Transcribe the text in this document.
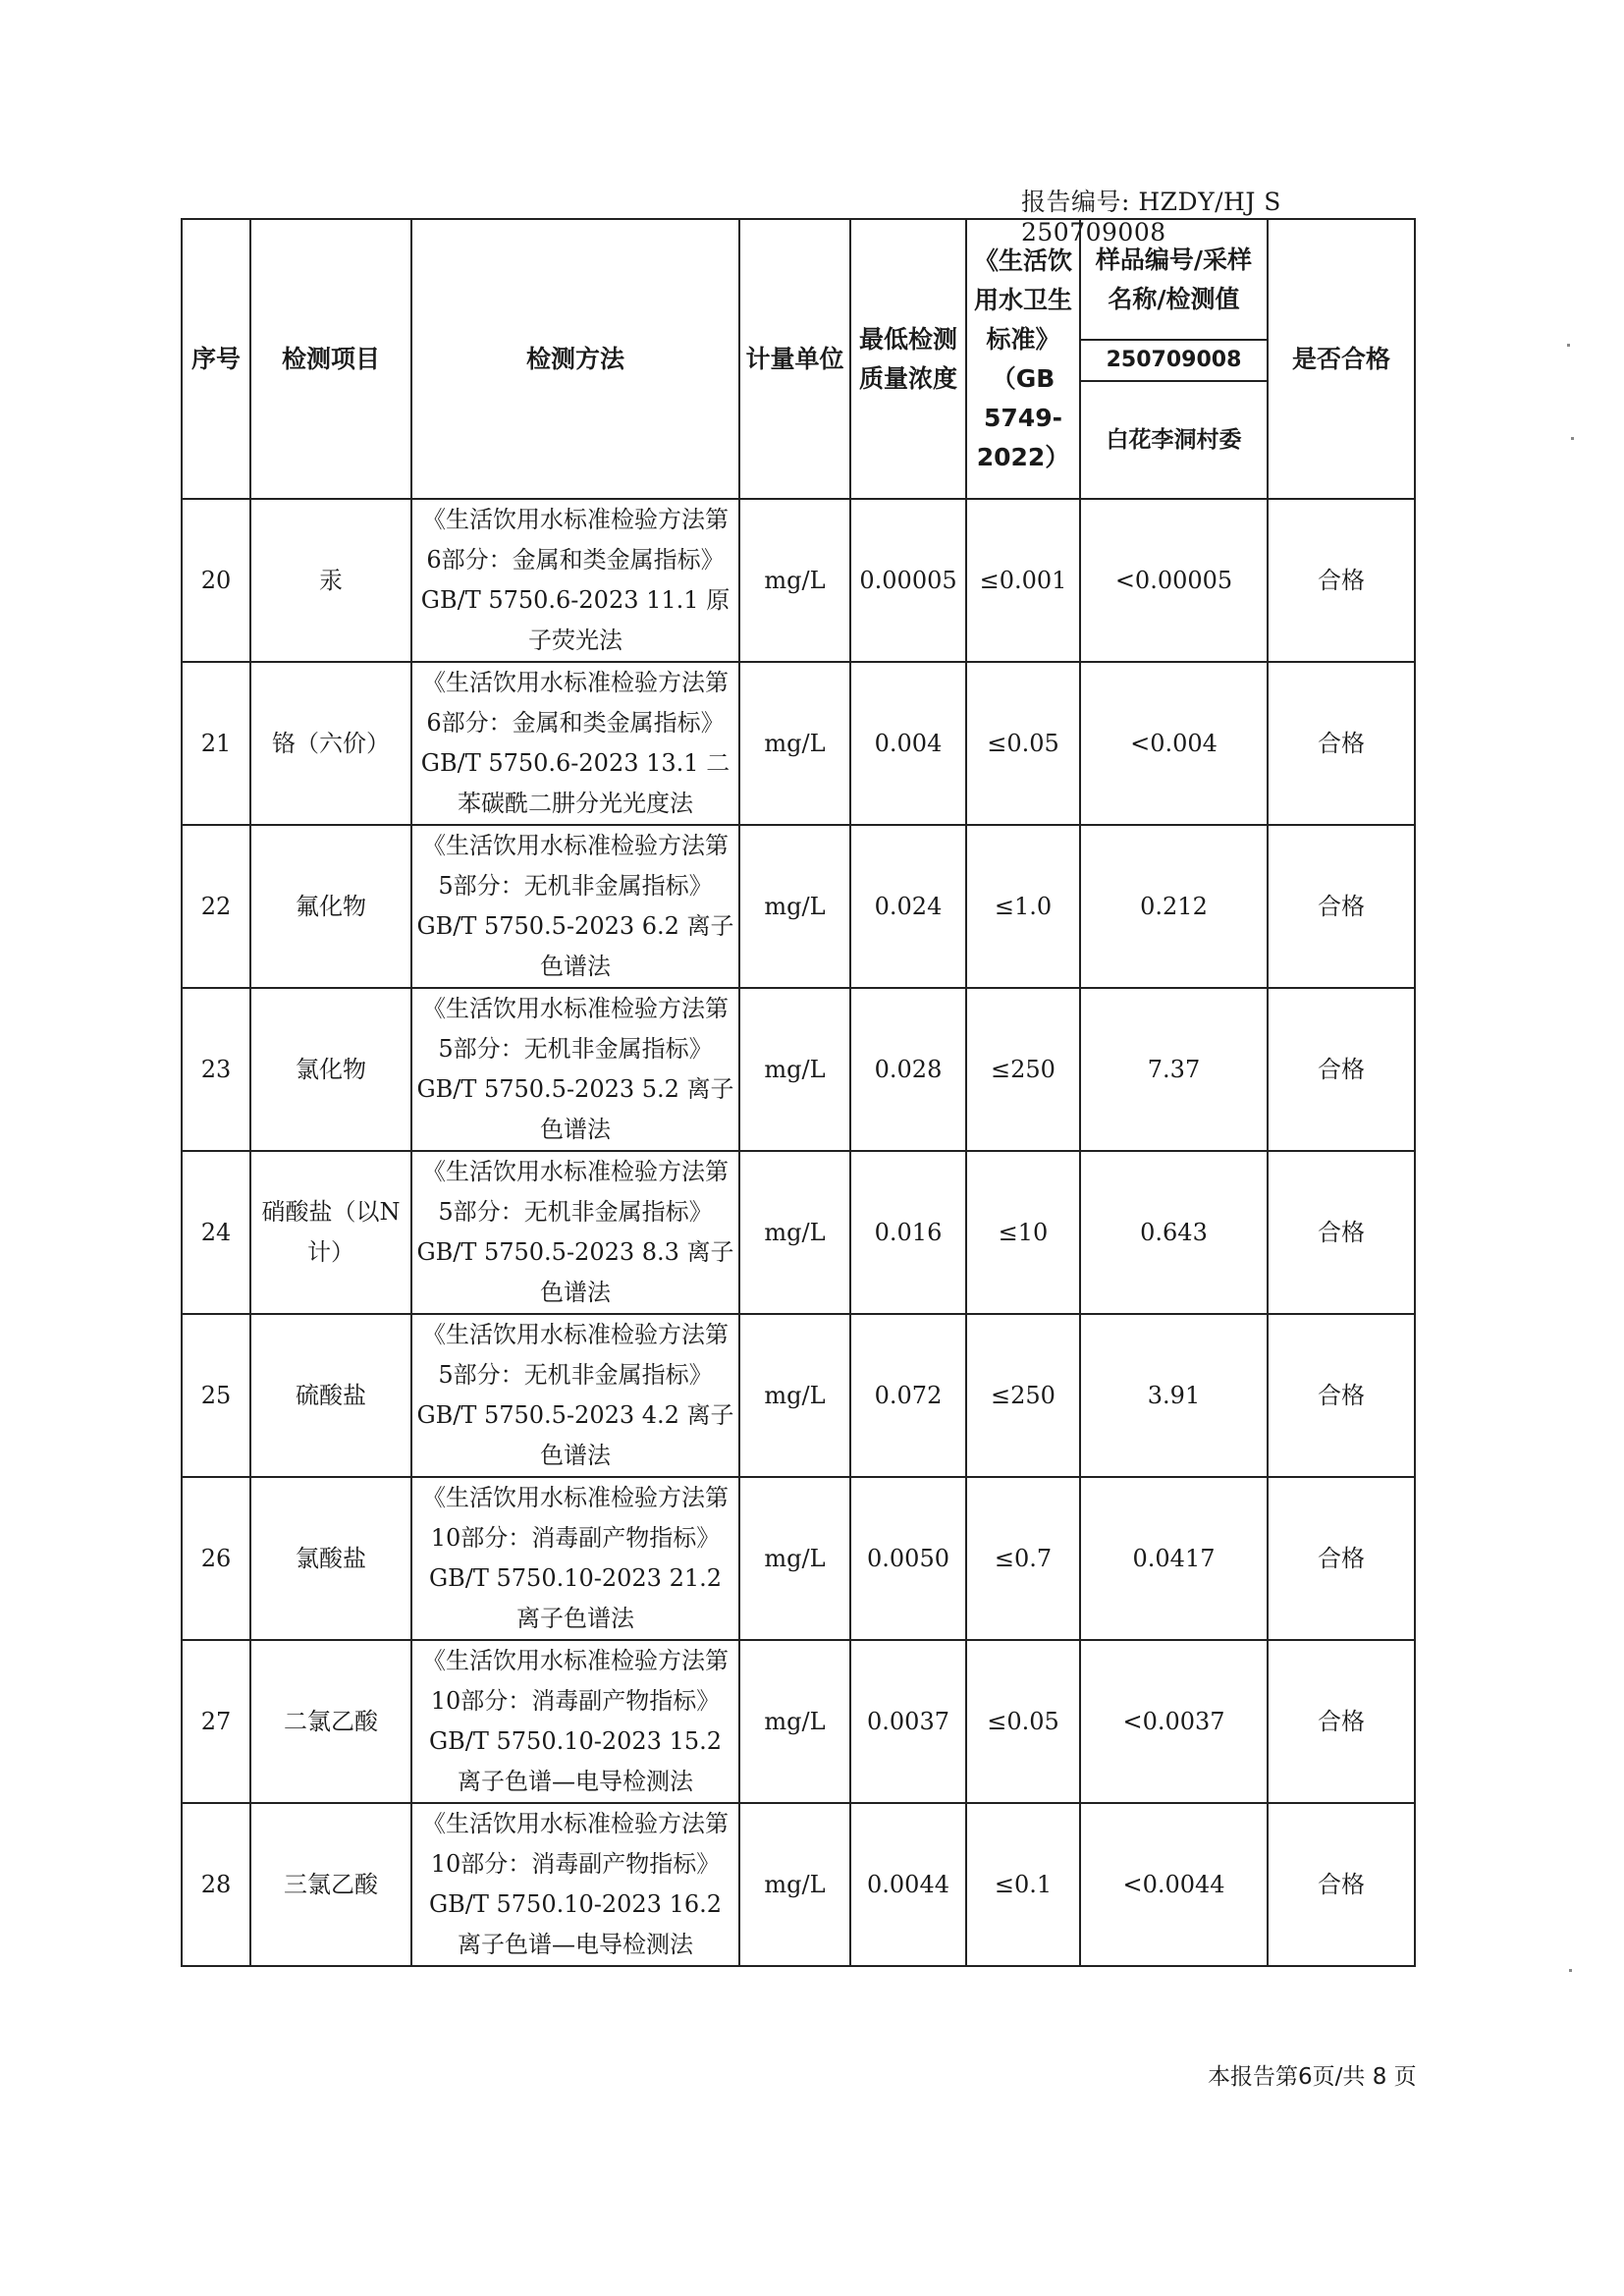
报告编号: HZDY/HJ S 250709008
序号	检测项目	检测方法	计量单位	最低检测质量浓度	《生活饮用水卫生标准》（GB 5749-2022）	样品编号/采样名称/检测值	是否合格
						250709008	
						白花李洞村委	
20	汞	《生活饮用水标准检验方法第6部分：金属和类金属指标》GB/T 5750.6-2023 11.1 原子荧光法	mg/L	0.00005	≤0.001	<0.00005	合格
21	铬（六价）	《生活饮用水标准检验方法第6部分：金属和类金属指标》GB/T 5750.6-2023 13.1 二苯碳酰二肼分光光度法	mg/L	0.004	≤0.05	<0.004	合格
22	氟化物	《生活饮用水标准检验方法第5部分：无机非金属指标》GB/T 5750.5-2023 6.2 离子色谱法	mg/L	0.024	≤1.0	0.212	合格
23	氯化物	《生活饮用水标准检验方法第5部分：无机非金属指标》GB/T 5750.5-2023 5.2 离子色谱法	mg/L	0.028	≤250	7.37	合格
24	硝酸盐（以N计）	《生活饮用水标准检验方法第5部分：无机非金属指标》GB/T 5750.5-2023 8.3 离子色谱法	mg/L	0.016	≤10	0.643	合格
25	硫酸盐	《生活饮用水标准检验方法第5部分：无机非金属指标》GB/T 5750.5-2023 4.2 离子色谱法	mg/L	0.072	≤250	3.91	合格
26	氯酸盐	《生活饮用水标准检验方法第10部分：消毒副产物指标》GB/T 5750.10-2023 21.2 离子色谱法	mg/L	0.0050	≤0.7	0.0417	合格
27	二氯乙酸	《生活饮用水标准检验方法第10部分：消毒副产物指标》GB/T 5750.10-2023 15.2 离子色谱—电导检测法	mg/L	0.0037	≤0.05	<0.0037	合格
28	三氯乙酸	《生活饮用水标准检验方法第10部分：消毒副产物指标》GB/T 5750.10-2023 16.2 离子色谱—电导检测法	mg/L	0.0044	≤0.1	<0.0044	合格
本报告第6页/共 8 页
